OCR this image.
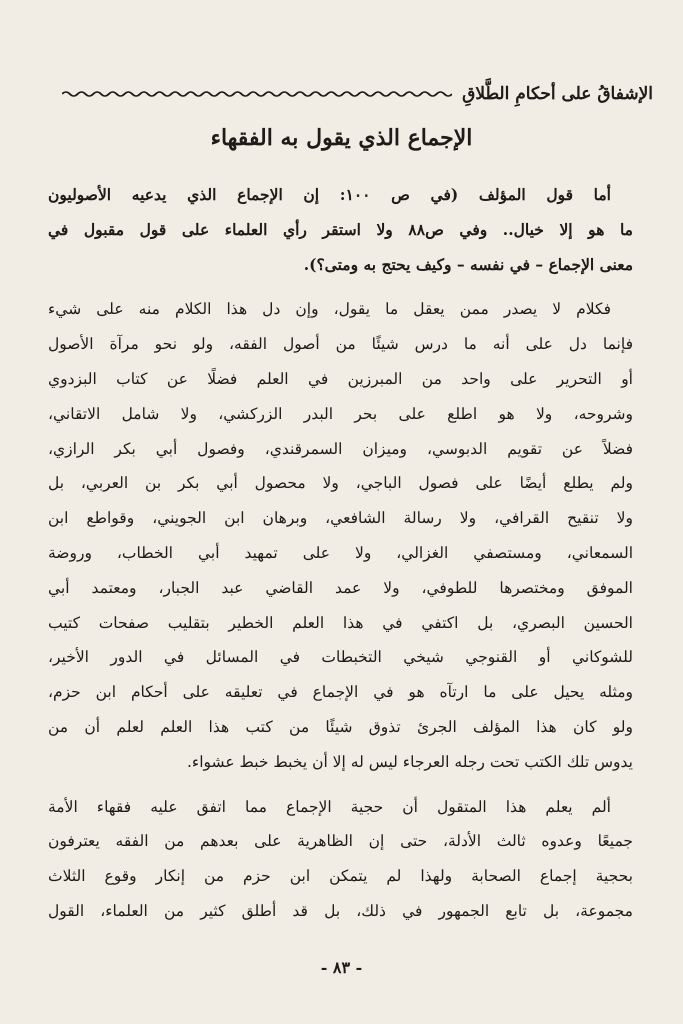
الإشفاقُ على أحكامِ الطَّلاقِ
الإجماع الذي يقول به الفقهاء

أما قول المؤلف (في ص ١٠٠: إن الإجماع الذي يدعيه الأصوليون

ما هو إلا خيال.. وفي ص٨٨ ولا استقر رأي العلماء على قول مقبول في

معنى الإجماع – في نفسه – وكيف يحتج به ومتى؟).

فكلام لا يصدر ممن يعقل ما يقول، وإن دل هذا الكلام منه على شيء

فإنما دل على أنه ما درس شيئًا من أصول الفقه، ولو نحو مرآة الأصول

أو التحرير على واحد من المبرزين في العلم فضلًا عن كتاب البزدوي

وشروحه، ولا هو اطلع على بحر البدر الزركشي، ولا شامل الاتقاني،

فضلاً عن تقويم الدبوسي، وميزان السمرقندي، وفصول أبي بكر الرازي،

ولم يطلع أيضًا على فصول الباجي، ولا محصول أبي بكر بن العربي، بل

ولا تنقيح القرافي، ولا رسالة الشافعي، وبرهان ابن الجويني، وقواطع ابن

السمعاني، ومستصفي الغزالي، ولا على تمهيد أبي الخطاب، وروضة

الموفق ومختصرها للطوفي، ولا عمد القاضي عبد الجبار، ومعتمد أبي

الحسين البصري، بل اكتفي في هذا العلم الخطير بتقليب صفحات كتيب

للشوكاني أو القنوجي شيخي التخبطات في المسائل في الدور الأخير،

ومثله يحيل على ما ارتآه هو في الإجماع في تعليقه على أحكام ابن حزم،

ولو كان هذا المؤلف الجرئ تذوق شيئًا من كتب هذا العلم لعلم أن من

يدوس تلك الكتب تحت رجله العرجاء ليس له إلا أن يخبط خبط عشواء.

ألم يعلم هذا المتقول أن حجية الإجماع مما اتفق عليه فقهاء الأمة

جميعًا وعدوه ثالث الأدلة، حتى إن الظاهرية على بعدهم من الفقه يعترفون

بحجية إجماع الصحابة ولهذا لم يتمكن ابن حزم من إنكار وقوع الثلاث

مجموعة، بل تابع الجمهور في ذلك، بل قد أطلق كثير من العلماء، القول

- ٨٣ -
